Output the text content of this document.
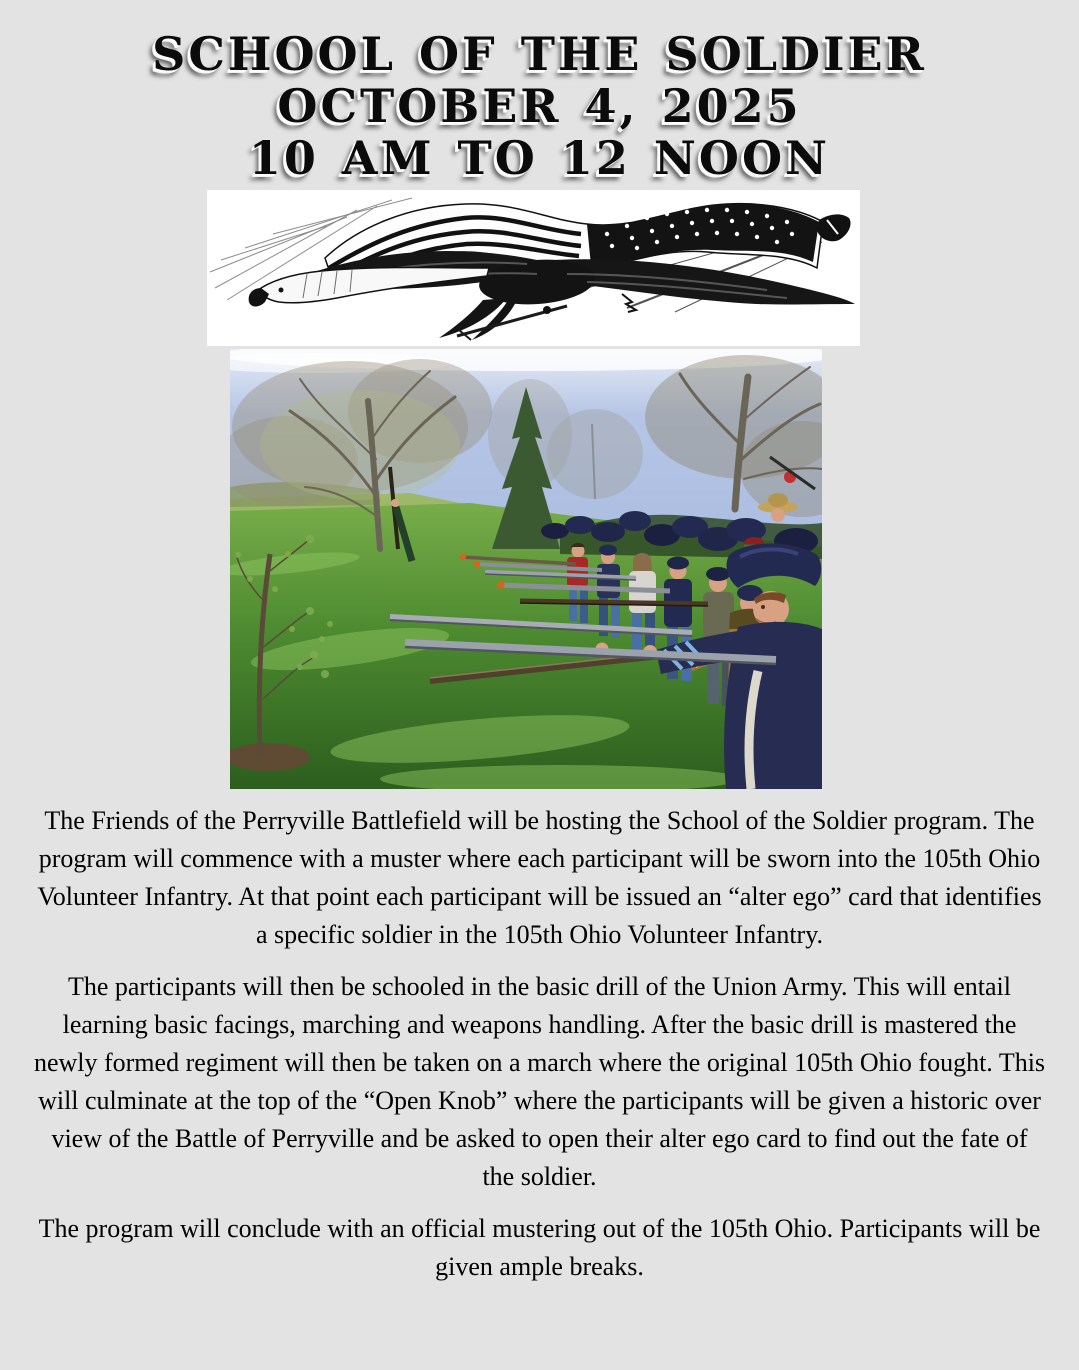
SCHOOL OF THE SOLDIER
OCTOBER 4, 2025
10 AM TO 12 NOON

The Friends of the Perryville Battlefield will be hosting the School of the Soldier program. The program will commence with a muster where each participant will be sworn into the 105th Ohio Volunteer Infantry. At that point each participant will be issued an “alter ego” card that identifies a specific soldier in the 105th Ohio Volunteer Infantry.

The participants will then be schooled in the basic drill of the Union Army. This will entail learning basic facings, marching and weapons handling. After the basic drill is mastered the newly formed regiment will then be taken on a march where the original 105th Ohio fought. This will culminate at the top of the “Open Knob” where the participants will be given a historic over view of the Battle of Perryville and be asked to open their alter ego card to find out the fate of the soldier.

The program will conclude with an official mustering out of the 105th Ohio. Participants will be given ample breaks.
